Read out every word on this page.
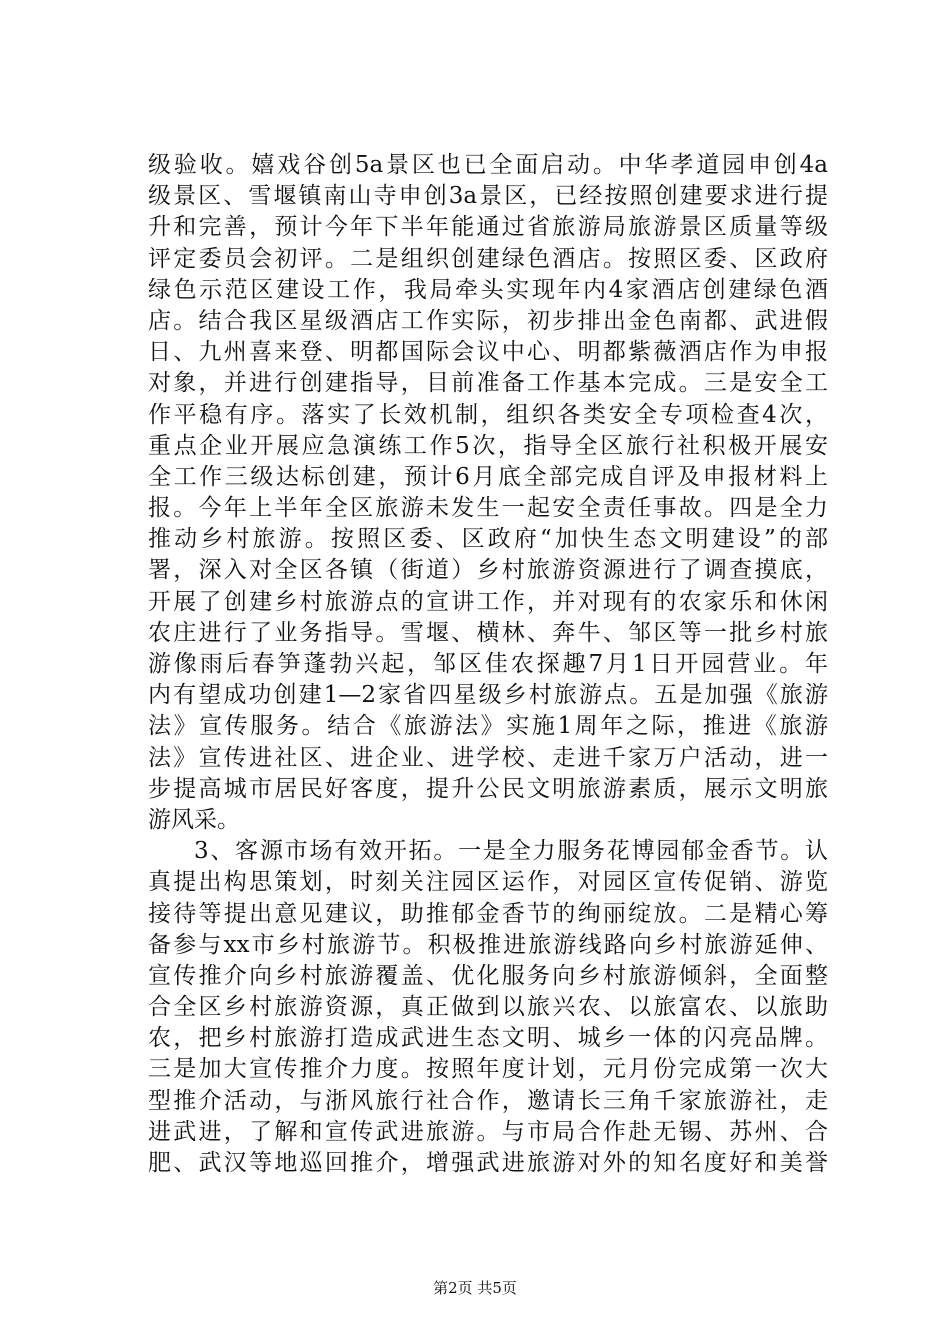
级验收。嬉戏谷创5a景区也已全面启动。中华孝道园申创4a
级景区、雪堰镇南山寺申创3a景区，已经按照创建要求进行提
升和完善，预计今年下半年能通过省旅游局旅游景区质量等级
评定委员会初评。二是组织创建绿色酒店。按照区委、区政府
绿色示范区建设工作，我局牵头实现年内4家酒店创建绿色酒
店。结合我区星级酒店工作实际，初步排出金色南都、武进假
日、九州喜来登、明都国际会议中心、明都紫薇酒店作为申报
对象，并进行创建指导，目前准备工作基本完成。三是安全工
作平稳有序。落实了长效机制，组织各类安全专项检查4次，
重点企业开展应急演练工作5次，指导全区旅行社积极开展安
全工作三级达标创建，预计6月底全部完成自评及申报材料上
报。今年上半年全区旅游未发生一起安全责任事故。四是全力
推动乡村旅游。按照区委、区政府“加快生态文明建设”的部
署，深入对全区各镇（街道）乡村旅游资源进行了调查摸底，
开展了创建乡村旅游点的宣讲工作，并对现有的农家乐和休闲
农庄进行了业务指导。雪堰、横林、奔牛、邹区等一批乡村旅
游像雨后春笋蓬勃兴起，邹区佳农探趣7月1日开园营业。年
内有望成功创建1—2家省四星级乡村旅游点。五是加强《旅游
法》宣传服务。结合《旅游法》实施1周年之际，推进《旅游
法》宣传进社区、进企业、进学校、走进千家万户活动，进一
步提高城市居民好客度，提升公民文明旅游素质，展示文明旅
游风采。
3、客源市场有效开拓。一是全力服务花博园郁金香节。认
真提出构思策划，时刻关注园区运作，对园区宣传促销、游览
接待等提出意见建议，助推郁金香节的绚丽绽放。二是精心筹
备参与xx市乡村旅游节。积极推进旅游线路向乡村旅游延伸、
宣传推介向乡村旅游覆盖、优化服务向乡村旅游倾斜，全面整
合全区乡村旅游资源，真正做到以旅兴农、以旅富农、以旅助
农，把乡村旅游打造成武进生态文明、城乡一体的闪亮品牌。
三是加大宣传推介力度。按照年度计划，元月份完成第一次大
型推介活动，与浙风旅行社合作，邀请长三角千家旅游社，走
进武进，了解和宣传武进旅游。与市局合作赴无锡、苏州、合
肥、武汉等地巡回推介，增强武进旅游对外的知名度好和美誉
第2页 共5页
